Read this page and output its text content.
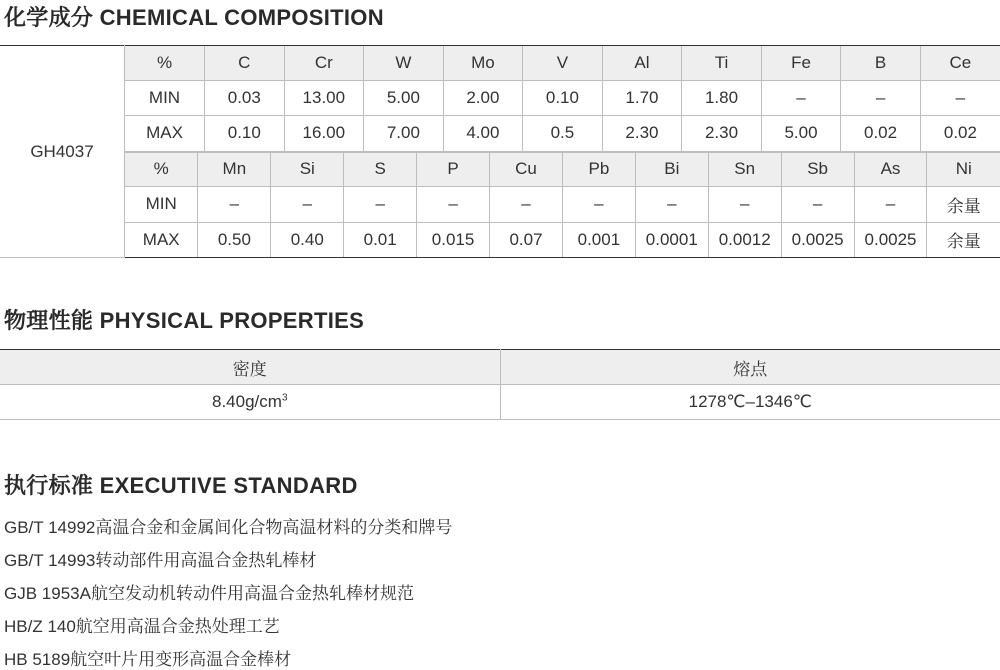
化学成分 CHEMICAL COMPOSITION
GH4037	
%	C	Cr	W	Mo	V	Al	Ti	Fe	B	Ce
MIN	0.03	13.00	5.00	2.00	0.10	1.70	1.80	–	–	–
MAX	0.10	16.00	7.00	4.00	0.5	2.30	2.30	5.00	0.02	0.02

%	Mn	Si	S	P	Cu	Pb	Bi	Sn	Sb	As	Ni
MIN	–	–	–	–	–	–	–	–	–	–	余量
MAX	0.50	0.40	0.01	0.015	0.07	0.001	0.0001	0.0012	0.0025	0.0025	余量
物理性能 PHYSICAL PROPERTIES
密度	熔点
$8.40g/cm^3$	1278℃–1346℃
执行标准 EXECUTIVE STANDARD
GB/T 14992高温合金和金属间化合物高温材料的分类和牌号
GB/T 14993转动部件用高温合金热轧棒材
GJB 1953A航空发动机转动件用高温合金热轧棒材规范
HB/Z 140航空用高温合金热处理工艺
HB 5189航空叶片用变形高温合金棒材
